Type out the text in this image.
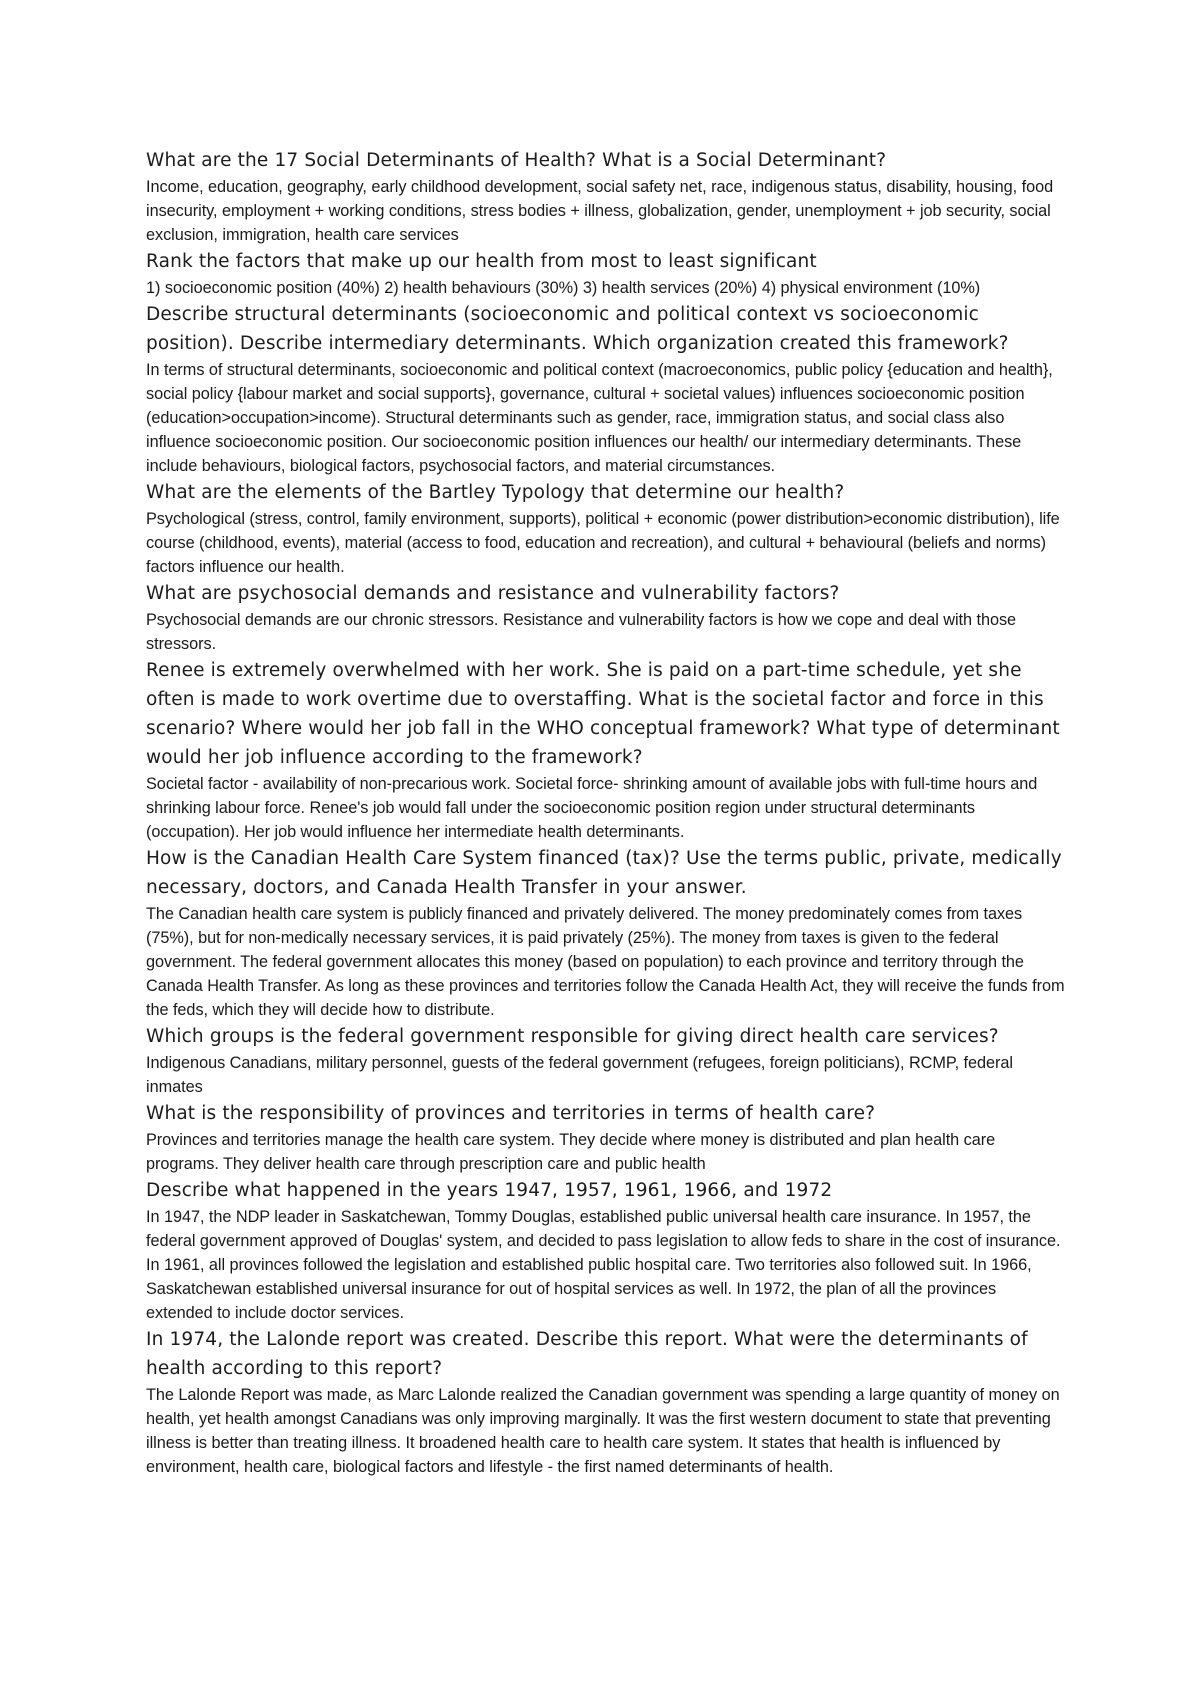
What are the 17 Social Determinants of Health? What is a Social Determinant?

Income, education, geography, early childhood development, social safety net, race, indigenous status, disability, housing, food insecurity, employment + working conditions, stress bodies + illness, globalization, gender, unemployment + job security, social exclusion, immigration, health care services

Rank the factors that make up our health from most to least significant

1) socioeconomic position (40%) 2) health behaviours (30%) 3) health services (20%) 4) physical environment (10%)

Describe structural determinants (socioeconomic and political context vs socioeconomic position). Describe intermediary determinants. Which organization created this framework?

In terms of structural determinants, socioeconomic and political context (macroeconomics, public policy {education and health}, social policy {labour market and social supports}, governance, cultural + societal values) influences socioeconomic position (education>occupation>income). Structural determinants such as gender, race, immigration status, and social class also influence socioeconomic position. Our socioeconomic position influences our health/ our intermediary determinants. These include behaviours, biological factors, psychosocial factors, and material circumstances.

What are the elements of the Bartley Typology that determine our health?

Psychological (stress, control, family environment, supports), political + economic (power distribution>economic distribution), life course (childhood, events), material (access to food, education and recreation), and cultural + behavioural (beliefs and norms) factors influence our health.

What are psychosocial demands and resistance and vulnerability factors?

Psychosocial demands are our chronic stressors. Resistance and vulnerability factors is how we cope and deal with those stressors.

Renee is extremely overwhelmed with her work. She is paid on a part-time schedule, yet she often is made to work overtime due to overstaffing. What is the societal factor and force in this scenario? Where would her job fall in the WHO conceptual framework? What type of determinant would her job influence according to the framework?

Societal factor - availability of non-precarious work. Societal force- shrinking amount of available jobs with full-time hours and shrinking labour force. Renee's job would fall under the socioeconomic position region under structural determinants (occupation). Her job would influence her intermediate health determinants.

How is the Canadian Health Care System financed (tax)? Use the terms public, private, medically necessary, doctors, and Canada Health Transfer in your answer.

The Canadian health care system is publicly financed and privately delivered. The money predominately comes from taxes (75%), but for non-medically necessary services, it is paid privately (25%). The money from taxes is given to the federal government. The federal government allocates this money (based on population) to each province and territory through the Canada Health Transfer. As long as these provinces and territories follow the Canada Health Act, they will receive the funds from the feds, which they will decide how to distribute.

Which groups is the federal government responsible for giving direct health care services?

Indigenous Canadians, military personnel, guests of the federal government (refugees, foreign politicians), RCMP, federal inmates

What is the responsibility of provinces and territories in terms of health care?

Provinces and territories manage the health care system. They decide where money is distributed and plan health care programs. They deliver health care through prescription care and public health

Describe what happened in the years 1947, 1957, 1961, 1966, and 1972

In 1947, the NDP leader in Saskatchewan, Tommy Douglas, established public universal health care insurance. In 1957, the federal government approved of Douglas' system, and decided to pass legislation to allow feds to share in the cost of insurance. In 1961, all provinces followed the legislation and established public hospital care. Two territories also followed suit. In 1966, Saskatchewan established universal insurance for out of hospital services as well. In 1972, the plan of all the provinces extended to include doctor services.

In 1974, the Lalonde report was created. Describe this report. What were the determinants of health according to this report?

The Lalonde Report was made, as Marc Lalonde realized the Canadian government was spending a large quantity of money on health, yet health amongst Canadians was only improving marginally. It was the first western document to state that preventing illness is better than treating illness. It broadened health care to health care system. It states that health is influenced by environment, health care, biological factors and lifestyle - the first named determinants of health.
